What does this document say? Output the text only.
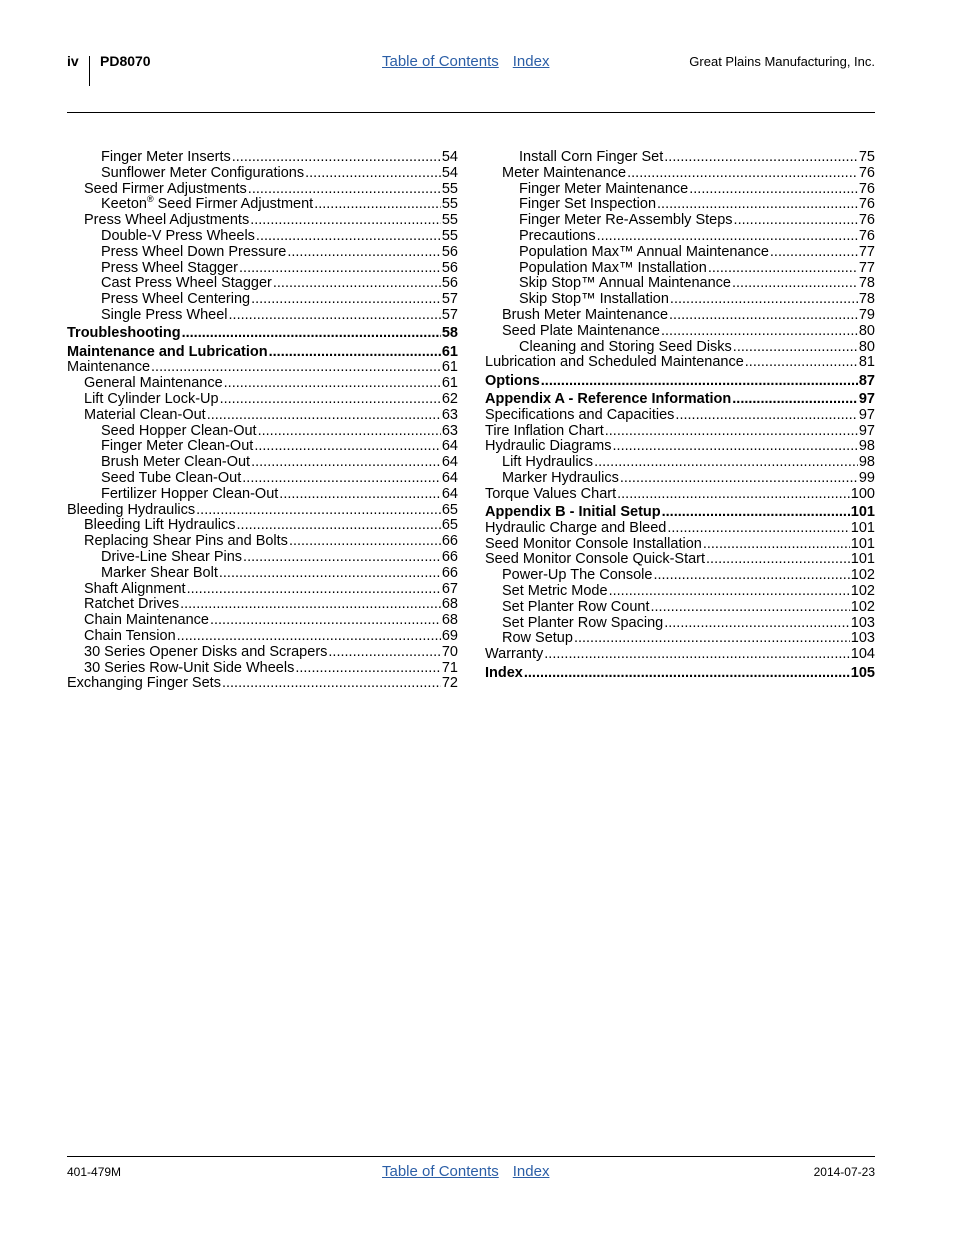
iv PD8070	Table of Contents Index	Great Plains Manufacturing, Inc.
Finger Meter Inserts .....	54
Sunflower Meter Configurations .....	54
Seed Firmer Adjustments .....	55
Keeton® Seed Firmer Adjustment .....	55
Press Wheel Adjustments .....	55
Double-V Press Wheels .....	55
Press Wheel Down Pressure .....	56
Press Wheel Stagger .....	56
Cast Press Wheel Stagger .....	56
Press Wheel Centering .....	57
Single Press Wheel .....	57
Troubleshooting .....	58
Maintenance and Lubrication .....	61
Maintenance .....	61
General Maintenance .....	61
Lift Cylinder Lock-Up .....	62
Material Clean-Out .....	63
Seed Hopper Clean-Out .....	63
Finger Meter Clean-Out .....	64
Brush Meter Clean-Out .....	64
Seed Tube Clean-Out .....	64
Fertilizer Hopper Clean-Out .....	64
Bleeding Hydraulics .....	65
Bleeding Lift Hydraulics .....	65
Replacing Shear Pins and Bolts .....	66
Drive-Line Shear Pins .....	66
Marker Shear Bolt .....	66
Shaft Alignment .....	67
Ratchet Drives .....	68
Chain Maintenance .....	68
Chain Tension .....	69
30 Series Opener Disks and Scrapers .....	70
30 Series Row-Unit Side Wheels .....	71
Exchanging Finger Sets .....	72
Install Corn Finger Set .....	75
Meter Maintenance .....	76
Finger Meter Maintenance .....	76
Finger Set Inspection .....	76
Finger Meter Re-Assembly Steps .....	76
Precautions .....	76
Population Max™ Annual Maintenance .....	77
Population Max™ Installation .....	77
Skip Stop™ Annual Maintenance .....	78
Skip Stop™ Installation .....	78
Brush Meter Maintenance .....	79
Seed Plate Maintenance .....	80
Cleaning and Storing Seed Disks .....	80
Lubrication and Scheduled Maintenance .....	81
Options .....	87
Appendix A - Reference Information .....	97
Specifications and Capacities .....	97
Tire Inflation Chart .....	97
Hydraulic Diagrams .....	98
Lift Hydraulics .....	98
Marker Hydraulics .....	99
Torque Values Chart .....	100
Appendix B - Initial Setup .....	101
Hydraulic Charge and Bleed .....	101
Seed Monitor Console Installation .....	101
Seed Monitor Console Quick-Start .....	101
Power-Up The Console .....	102
Set Metric Mode .....	102
Set Planter Row Count .....	102
Set Planter Row Spacing .....	103
Row Setup .....	103
Warranty .....	104
Index .....	105
401-479M	Table of Contents Index	2014-07-23
